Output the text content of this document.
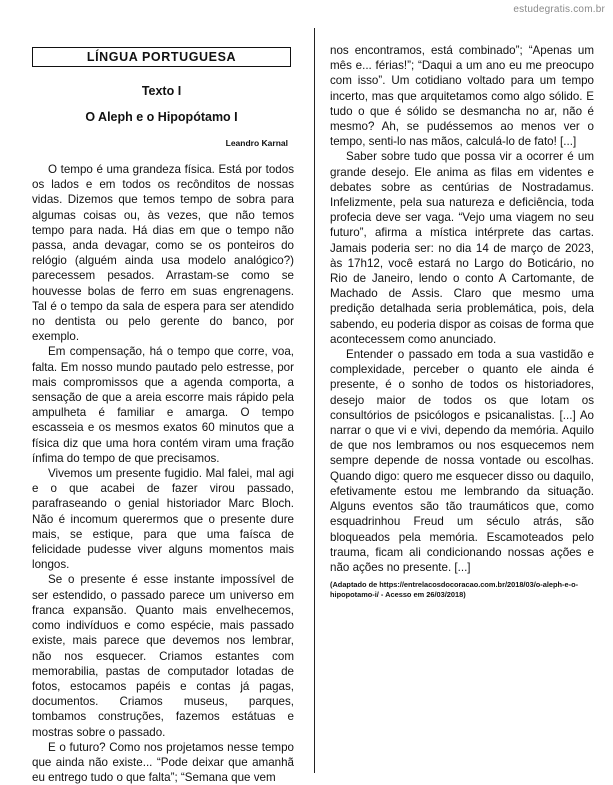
estudegratis.com.br
LÍNGUA PORTUGUESA
Texto I
O Aleph e o Hipopótamo I
Leandro Karnal

O tempo é uma grandeza física. Está por todos os lados e em todos os recônditos de nossas vidas. Dizemos que temos tempo de sobra para algumas coisas ou, às vezes, que não temos tempo para nada. Há dias em que o tempo não passa, anda devagar, como se os ponteiros do relógio (alguém ainda usa modelo analógico?) parecessem pesados. Arrastam-se como se houvesse bolas de ferro em suas engrenagens. Tal é o tempo da sala de espera para ser atendido no dentista ou pelo gerente do banco, por exemplo.

Em compensação, há o tempo que corre, voa, falta. Em nosso mundo pautado pelo estresse, por mais compromissos que a agenda comporta, a sensação de que a areia escorre mais rápido pela ampulheta é familiar e amarga. O tempo escasseia e os mesmos exatos 60 minutos que a física diz que uma hora contém viram uma fração ínfima do tempo de que precisamos.

Vivemos um presente fugidio. Mal falei, mal agi e o que acabei de fazer virou passado, parafraseando o genial historiador Marc Bloch. Não é incomum querermos que o presente dure mais, se estique, para que uma faísca de felicidade pudesse viver alguns momentos mais longos.

Se o presente é esse instante impossível de ser estendido, o passado parece um universo em franca expansão. Quanto mais envelhecemos, como indivíduos e como espécie, mais passado existe, mais parece que devemos nos lembrar, não nos esquecer. Criamos estantes com memorabilia, pastas de computador lotadas de fotos, estocamos papéis e contas já pagas, documentos. Criamos museus, parques, tombamos construções, fazemos estátuas e mostras sobre o passado.

E o futuro? Como nos projetamos nesse tempo que ainda não existe... “Pode deixar que amanhã eu entrego tudo o que falta”; “Semana que vem

nos encontramos, está combinado”; “Apenas um mês e... férias!”; “Daqui a um ano eu me preocupo com isso”. Um cotidiano voltado para um tempo incerto, mas que arquitetamos como algo sólido. E tudo o que é sólido se desmancha no ar, não é mesmo? Ah, se pudéssemos ao menos ver o tempo, senti-lo nas mãos, calculá-lo de fato! [...]

Saber sobre tudo que possa vir a ocorrer é um grande desejo. Ele anima as filas em videntes e debates sobre as centúrias de Nostradamus. Infelizmente, pela sua natureza e deficiência, toda profecia deve ser vaga. “Vejo uma viagem no seu futuro”, afirma a mística intérprete das cartas. Jamais poderia ser: no dia 14 de março de 2023, às 17h12, você estará no Largo do Boticário, no Rio de Janeiro, lendo o conto A Cartomante, de Machado de Assis. Claro que mesmo uma predição detalhada seria problemática, pois, dela sabendo, eu poderia dispor as coisas de forma que acontecessem como anunciado.

Entender o passado em toda a sua vastidão e complexidade, perceber o quanto ele ainda é presente, é o sonho de todos os historiadores, desejo maior de todos os que lotam os consultórios de psicólogos e psicanalistas. [...] Ao narrar o que vi e vivi, dependo da memória. Aquilo de que nos lembramos ou nos esquecemos nem sempre depende de nossa vontade ou escolhas. Quando digo: quero me esquecer disso ou daquilo, efetivamente estou me lembrando da situação. Alguns eventos são tão traumáticos que, como esquadrinhou Freud um século atrás, são bloqueados pela memória. Escamoteados pelo trauma, ficam ali condicionando nossas ações e não ações no presente. [...]

(Adaptado de https://entrelacosdocoracao.com.br/2018/03/o-aleph-e-o-hipopotamo-i/ - Acesso em 26/03/2018)
